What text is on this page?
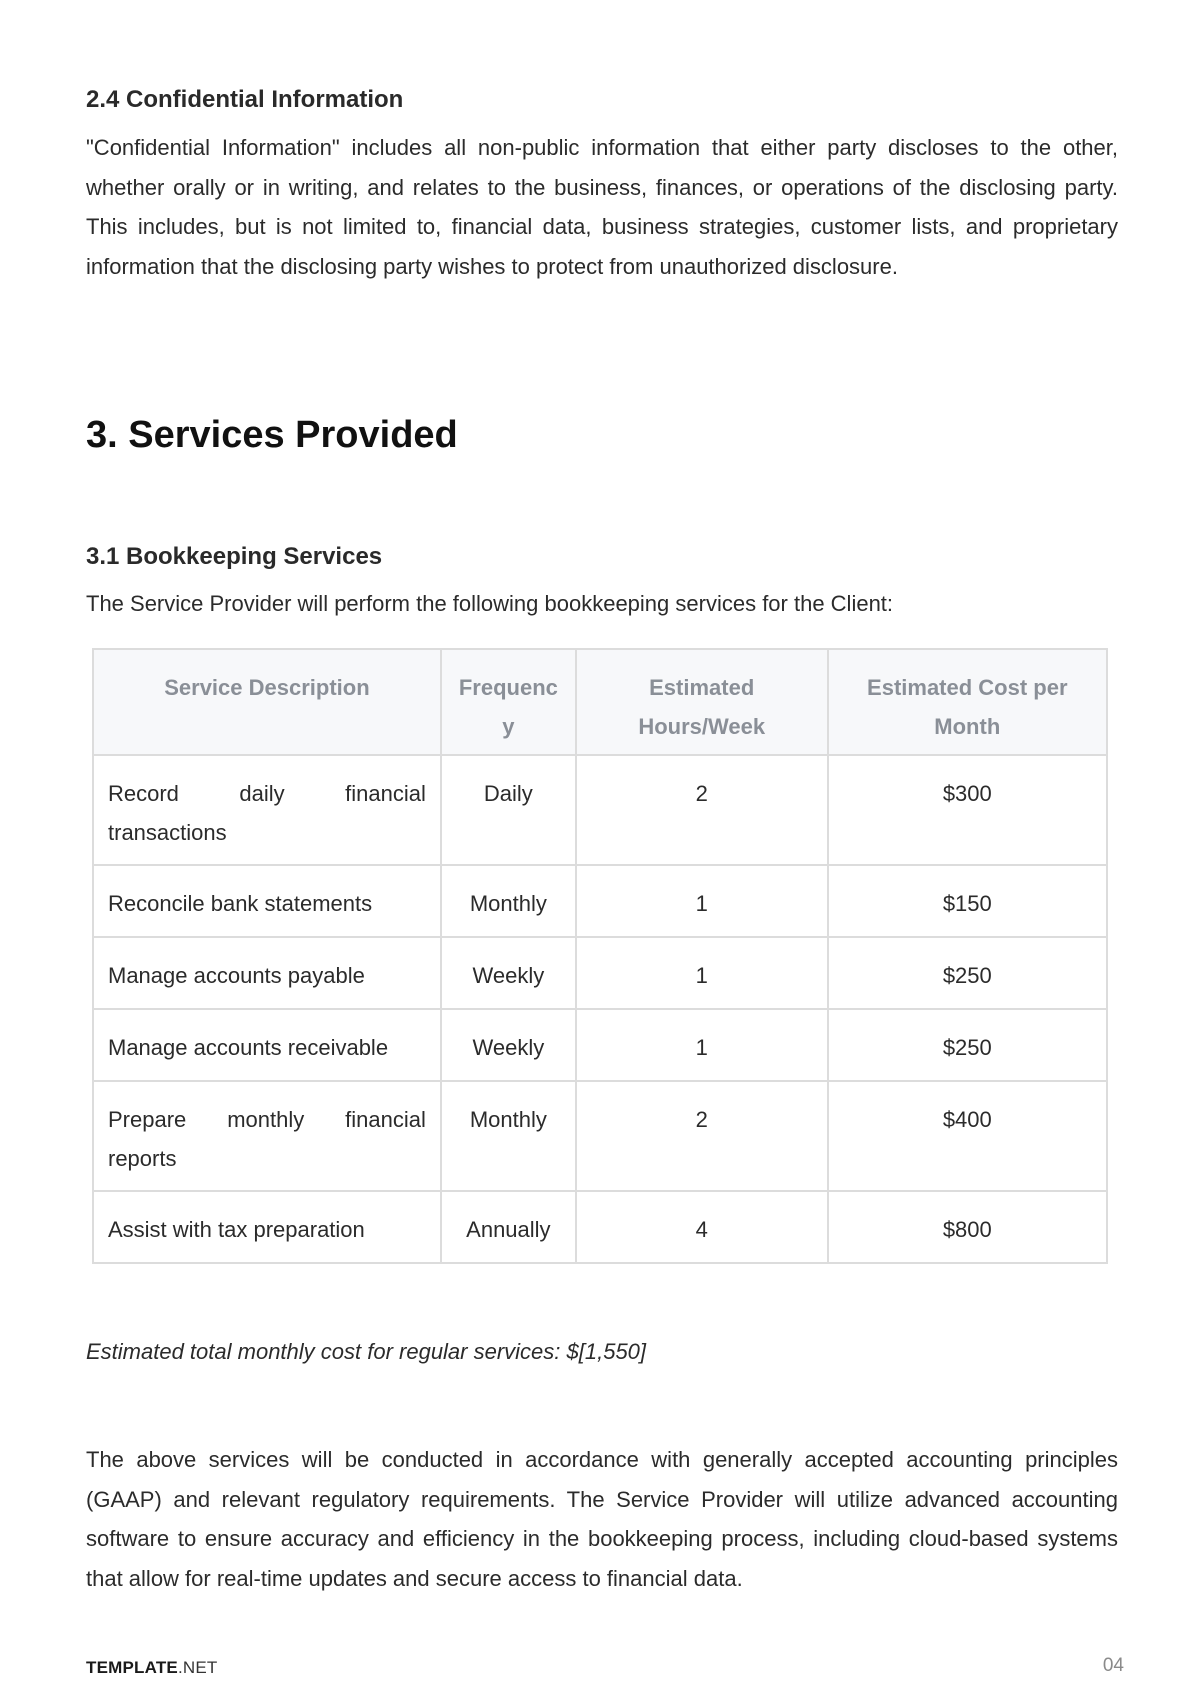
2.4 Confidential Information

"Confidential Information" includes all non-public information that either party discloses to the other, whether orally or in writing, and relates to the business, finances, or operations of the disclosing party. This includes, but is not limited to, financial data, business strategies, customer lists, and proprietary information that the disclosing party wishes to protect from unauthorized disclosure.

3. Services Provided
3.1 Bookkeeping Services

The Service Provider will perform the following bookkeeping services for the Client:

Service Description	Frequency	Estimated Hours/Week	Estimated Cost per Month
Record daily financial transactions	Daily	2	$300
Reconcile bank statements	Monthly	1	$150
Manage accounts payable	Weekly	1	$250
Manage accounts receivable	Weekly	1	$250
Prepare monthly financial reports	Monthly	2	$400
Assist with tax preparation	Annually	4	$800

Estimated total monthly cost for regular services: $[1,550]

The above services will be conducted in accordance with generally accepted accounting principles (GAAP) and relevant regulatory requirements. The Service Provider will utilize advanced accounting software to ensure accuracy and efficiency in the bookkeeping process, including cloud-based systems that allow for real-time updates and secure access to financial data.

TEMPLATE.NET	04
